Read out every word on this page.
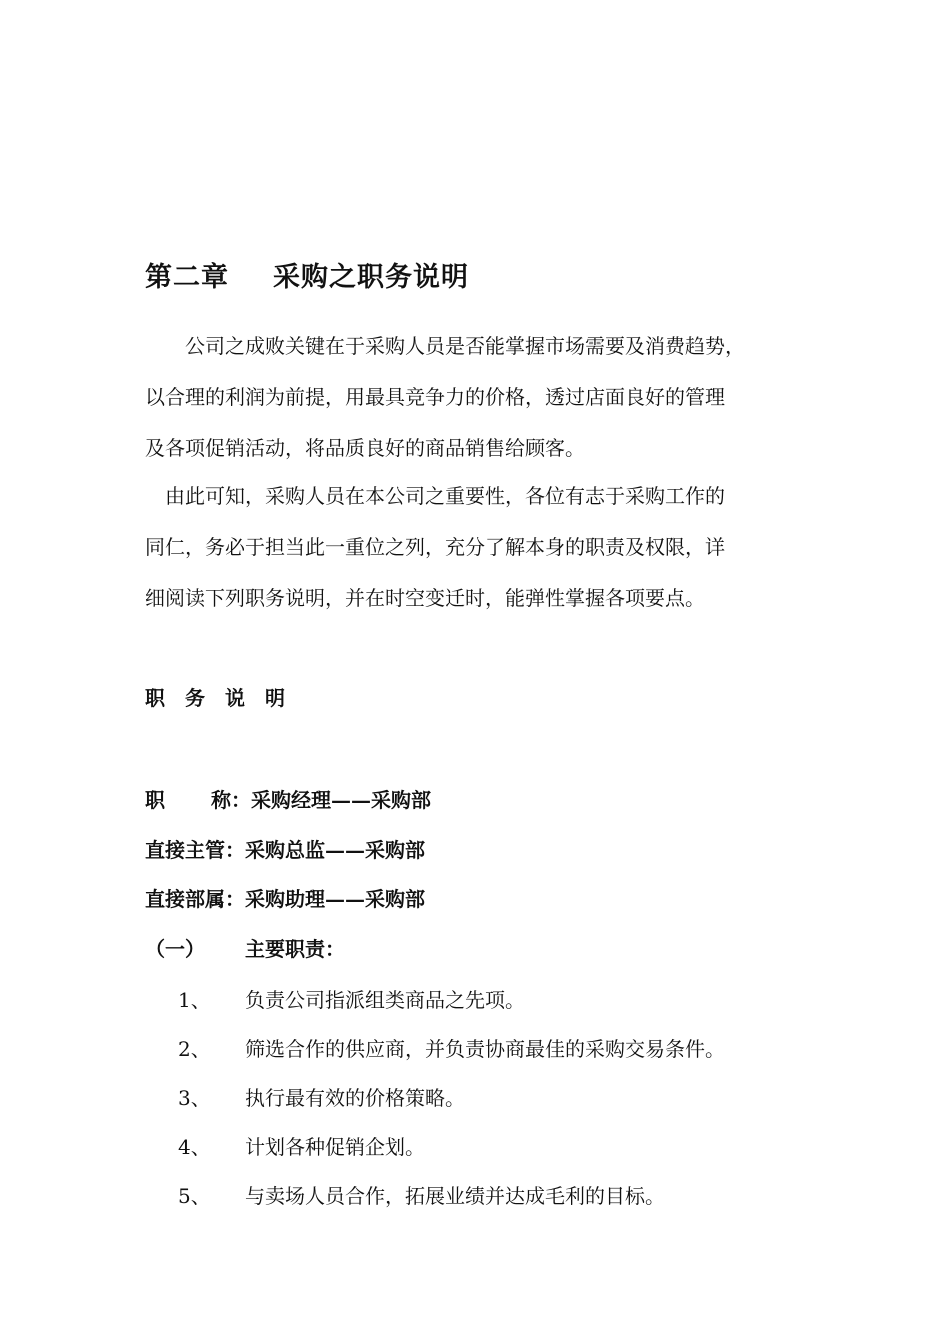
第二章 采购之职务说明
　　公司之成败关键在于采购人员是否能掌握市场需要及消费趋势，
以合理的利润为前提，用最具竞争力的价格，透过店面良好的管理
及各项促销活动，将品质良好的商品销售给顾客。
　由此可知，采购人员在本公司之重要性，各位有志于采购工作的
同仁，务必于担当此一重位之列，充分了解本身的职责及权限，详
细阅读下列职务说明，并在时空变迁时，能弹性掌握各项要点。
职务说明
职称：采购经理——采购部
直接主管：采购总监——采购部
直接部属：采购助理——采购部
（一） 主要职责：
1、 负责公司指派组类商品之先项。
2、 筛选合作的供应商，并负责协商最佳的采购交易条件。
3、 执行最有效的价格策略。
4、 计划各种促销企划。
5、 与卖场人员合作，拓展业绩并达成毛利的目标。
